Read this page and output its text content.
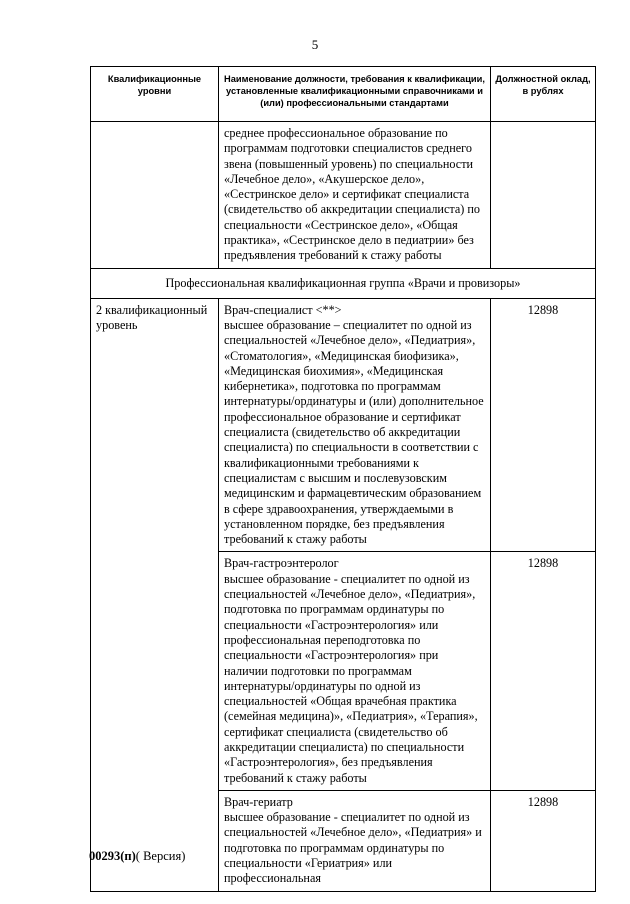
5
Квалификационные уровни	Наименование должности, требования к квалификации, установленные квалификационными справочниками и (или) профессиональными стандартами	Должностной оклад, в рублях

	среднее профессиональное образование по программам подготовки специалистов среднего звена (повышенный уровень) по специальности «Лечебное дело», «Акушерское дело», «Сестринское дело» и сертификат специалиста (свидетельство об аккредитации специалиста) по специальности «Сестринское дело», «Общая практика», «Сестринское дело в педиатрии» без предъявления требований к стажу работы	

Профессиональная квалификационная группа «Врачи и провизоры»		

2 квалификационный уровень	Врач-специалист <**>
высшее образование – специалитет по одной из специальностей «Лечебное дело», «Педиатрия», «Стоматология», «Медицинская биофизика», «Медицинская биохимия», «Медицинская кибернетика», подготовка по программам интернатуры/ординатуры и (или) дополнительное профессиональное образование и сертификат специалиста (свидетельство об аккредитации специалиста) по специальности в соответствии с квалификационными требованиями к специалистам с высшим и послевузовским медицинским и фармацевтическим образованием в сфере здравоохранения, утверждаемыми в установленном порядке, без предъявления требований к стажу работы	12898

	Врач-гастроэнтеролог
высшее образование - специалитет по одной из специальностей «Лечебное дело», «Педиатрия», подготовка по программам ординатуры по специальности «Гастроэнтерология» или профессиональная переподготовка по специальности «Гастроэнтерология» при наличии подготовки по программам интернатуры/ординатуры по одной из специальностей «Общая врачебная практика (семейная медицина)», «Педиатрия», «Терапия», сертификат специалиста (свидетельство об аккредитации специалиста) по специальности «Гастроэнтерология», без предъявления требований к стажу работы	12898

	Врач-гериатр
высшее образование - специалитет по одной из специальностей «Лечебное дело», «Педиатрия» и подготовка по программам ординатуры по специальности «Гериатрия» или профессиональная	12898
00293(п)( Версия)
